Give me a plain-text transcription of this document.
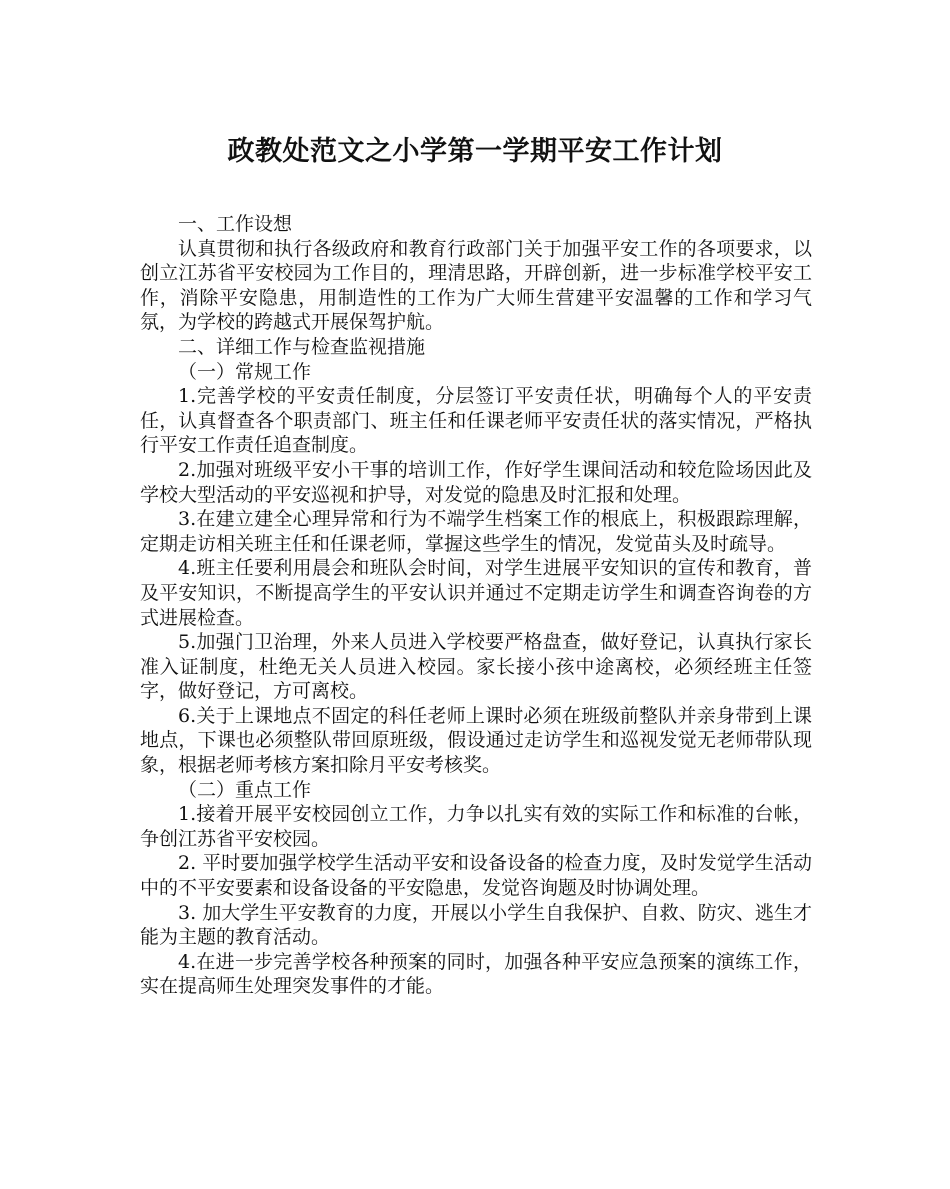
政教处范文之小学第一学期平安工作计划

一、工作设想

认真贯彻和执行各级政府和教育行政部门关于加强平安工作的各项要求，以创立江苏省平安校园为工作目的，理清思路，开辟创新，进一步标准学校平安工作，消除平安隐患，用制造性的工作为广大师生营建平安温馨的工作和学习气氛，为学校的跨越式开展保驾护航。

二、详细工作与检查监视措施

（一）常规工作

1.完善学校的平安责任制度，分层签订平安责任状，明确每个人的平安责任，认真督查各个职责部门、班主任和任课老师平安责任状的落实情况，严格执行平安工作责任追查制度。

2.加强对班级平安小干事的培训工作，作好学生课间活动和较危险场因此及学校大型活动的平安巡视和护导，对发觉的隐患及时汇报和处理。

3.在建立建全心理异常和行为不端学生档案工作的根底上，积极跟踪理解，定期走访相关班主任和任课老师，掌握这些学生的情况，发觉苗头及时疏导。

4.班主任要利用晨会和班队会时间，对学生进展平安知识的宣传和教育，普及平安知识，不断提高学生的平安认识并通过不定期走访学生和调查咨询卷的方式进展检查。

5.加强门卫治理，外来人员进入学校要严格盘查，做好登记，认真执行家长准入证制度，杜绝无关人员进入校园。家长接小孩中途离校，必须经班主任签字，做好登记，方可离校。

6.关于上课地点不固定的科任老师上课时必须在班级前整队并亲身带到上课地点，下课也必须整队带回原班级，假设通过走访学生和巡视发觉无老师带队现象，根据老师考核方案扣除月平安考核奖。

（二）重点工作

1.接着开展平安校园创立工作，力争以扎实有效的实际工作和标准的台帐，争创江苏省平安校园。

2. 平时要加强学校学生活动平安和设备设备的检查力度，及时发觉学生活动中的不平安要素和设备设备的平安隐患，发觉咨询题及时协调处理。

3. 加大学生平安教育的力度，开展以小学生自我保护、自救、防灾、逃生才能为主题的教育活动。

4.在进一步完善学校各种预案的同时，加强各种平安应急预案的演练工作，实在提高师生处理突发事件的才能。
